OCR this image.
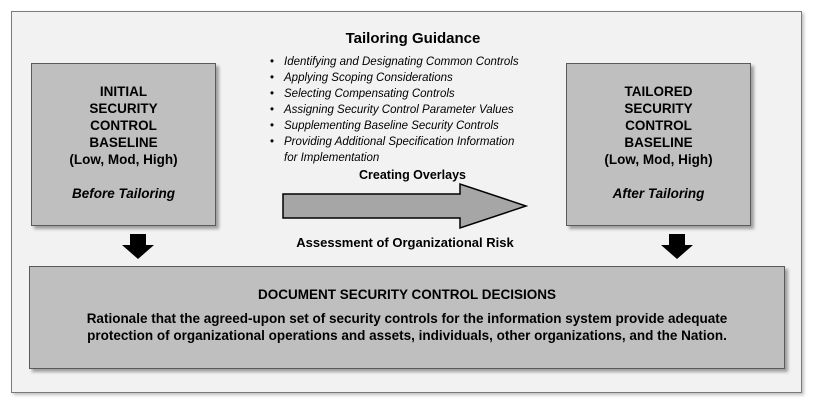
INITIAL
SECURITY
CONTROL
BASELINE
(Low, Mod, High)
Before Tailoring
TAILORED
SECURITY
CONTROL
BASELINE
(Low, Mod, High)
After Tailoring
Tailoring Guidance
• Identifying and Designating Common Controls
• Applying Scoping Considerations
• Selecting Compensating Controls
• Assigning Security Control Parameter Values
• Supplementing Baseline Security Controls
• Providing Additional Specification Information
for Implementation
Creating Overlays
Assessment of Organizational Risk
DOCUMENT SECURITY CONTROL DECISIONS
Rationale that the agreed-upon set of security controls for the information system provide adequate
protection of organizational operations and assets, individuals, other organizations, and the Nation.
